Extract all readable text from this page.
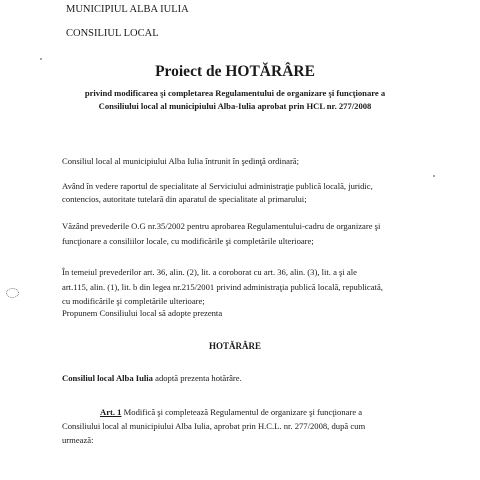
MUNICIPIUL ALBA IULIA
CONSILIUL LOCAL
Proiect de HOTĂRÂRE
privind modificarea şi completarea Regulamentului de organizare şi funcţionare a
Consiliului local al municipiului Alba-Iulia aprobat prin HCL nr. 277/2008
Consiliul local al municipiului Alba Iulia întrunit în şedinţă ordinară;
Având în vedere raportul de specialitate al Serviciului administraţie publică locală, juridic,
contencios, autoritate tutelară din aparatul de specialitate al primarului;
Văzând prevederile O.G nr.35/2002 pentru aprobarea Regulamentului-cadru de organizare şi
funcţionare a consiliilor locale, cu modificările şi completările ulterioare;
În temeiul prevederilor art. 36, alin. (2), lit. a coroborat cu art. 36, alin. (3), lit. a şi ale
art.115, alin. (1), lit. b din legea nr.215/2001 privind administraţia publică locală, republicată,
cu modificările şi completările ulterioare;
Propunem Consiliului local să adopte prezenta
HOTĂRÂRE
Consiliul local Alba Iulia adoptă prezenta hotărâre.
Art. 1 Modifică şi completează Regulamentul de organizare şi funcţionare a
Consiliului local al municipiului Alba Iulia, aprobat prin H.C.L. nr. 277/2008, după cum
urmează:
